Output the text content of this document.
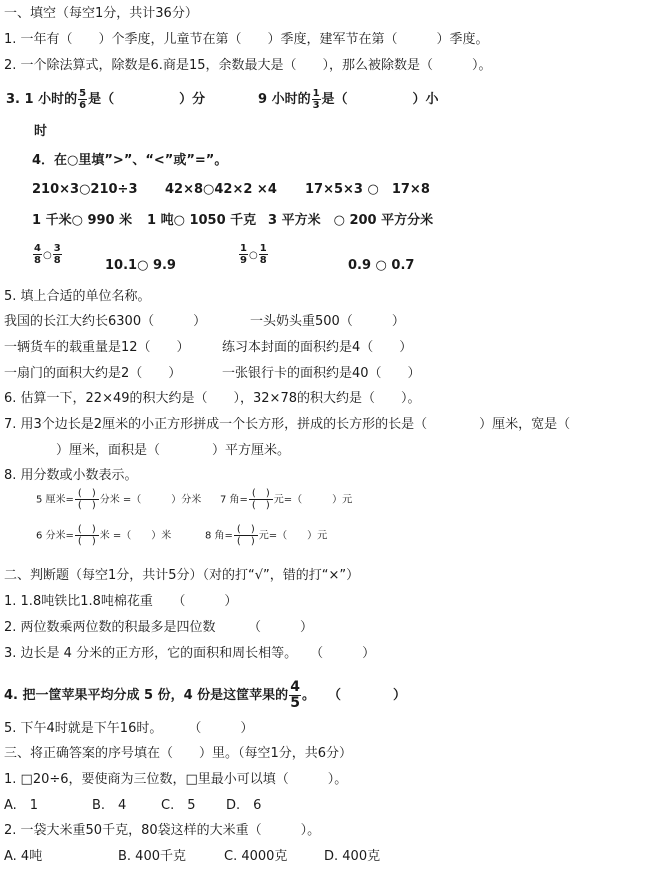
一、填空（每空1分，共计36分）
1. 一年有（　　）个季度，儿童节在第（　　）季度，建军节在第（　　　）季度。
2. 一个除法算式，除数是6.商是15，余数最大是（　　），那么被除数是（　　　）。
3. 1 小时的 $\frac{5}{6}$ 是（　　　　　）分	9 小时的 $\frac{1}{3}$ 是（　　　　　）小
时
4．在○里填”>”、“<”或”=”。
210×3○210÷3 42×8○42×2 ×4 17×5×3 ○　17×8
1 千米○ 990 米 1 吨○ 1050 千克 3 平方米　○ 200 平方分米
$\frac{4}{8}$ ○ $\frac{3}{8}$	10.1○ 9.9	$\frac{1}{9}$ ○ $\frac{1}{8}$	0.9 ○ 0.7
5. 填上合适的单位名称。
我国的长江大约长6300（　　　）	一头奶头重500（　　　）
一辆货车的载重量是12（　　） 练习本封面的面积约是4（　　）
一扇门的面积大约是2（　　）	一张银行卡的面积约是40（　　）
6. 估算一下，22×49的积大约是（　　），32×78的积大约是（　　）。
7. 用3个边长是2厘米的小正方形拼成一个长方形，拼成的长方形的长是（　　　　）厘米，宽是（
　　）厘米，面积是（　　　　）平方厘米。
8. 用分数或小数表示。
5 厘米= $\frac{( )}{( )}$ 分米 =（　　　）分米 7 角= $\frac{( )}{( )}$ 元=（　　　）元
6 分米= $\frac{( )}{( )}$ 米 =（　　）米	8 角= $\frac{( )}{( )}$ 元=（　　）元
二、判断题（每空1分，共计5分）（对的打“√”，错的打“×”）
1. 1.8吨铁比1.8吨棉花重　　（　　　）
2. 两位数乘两位数的积最多是四位数　　　（　　　）
3. 边长是 4 分米的正方形，它的面积和周长相等。　　（　　　）
4. 把一筐苹果平均分成 5 份，4 份是这筐苹果的 $\frac{4}{5}$ 。　　（　　　　）
5. 下午4时就是下午16时。　　　（　　　）
三、将正确答案的序号填在（　　）里。（每空1分，共6分）
1. □20÷6，要使商为三位数，□里最小可以填（　　　）。
A.　1	B.　4	C.　5 D.　6
2. 一袋大米重50千克，80袋这样的大米重（　　　）。
A. 4吨	B. 400千克	C. 4000克	D. 400克
